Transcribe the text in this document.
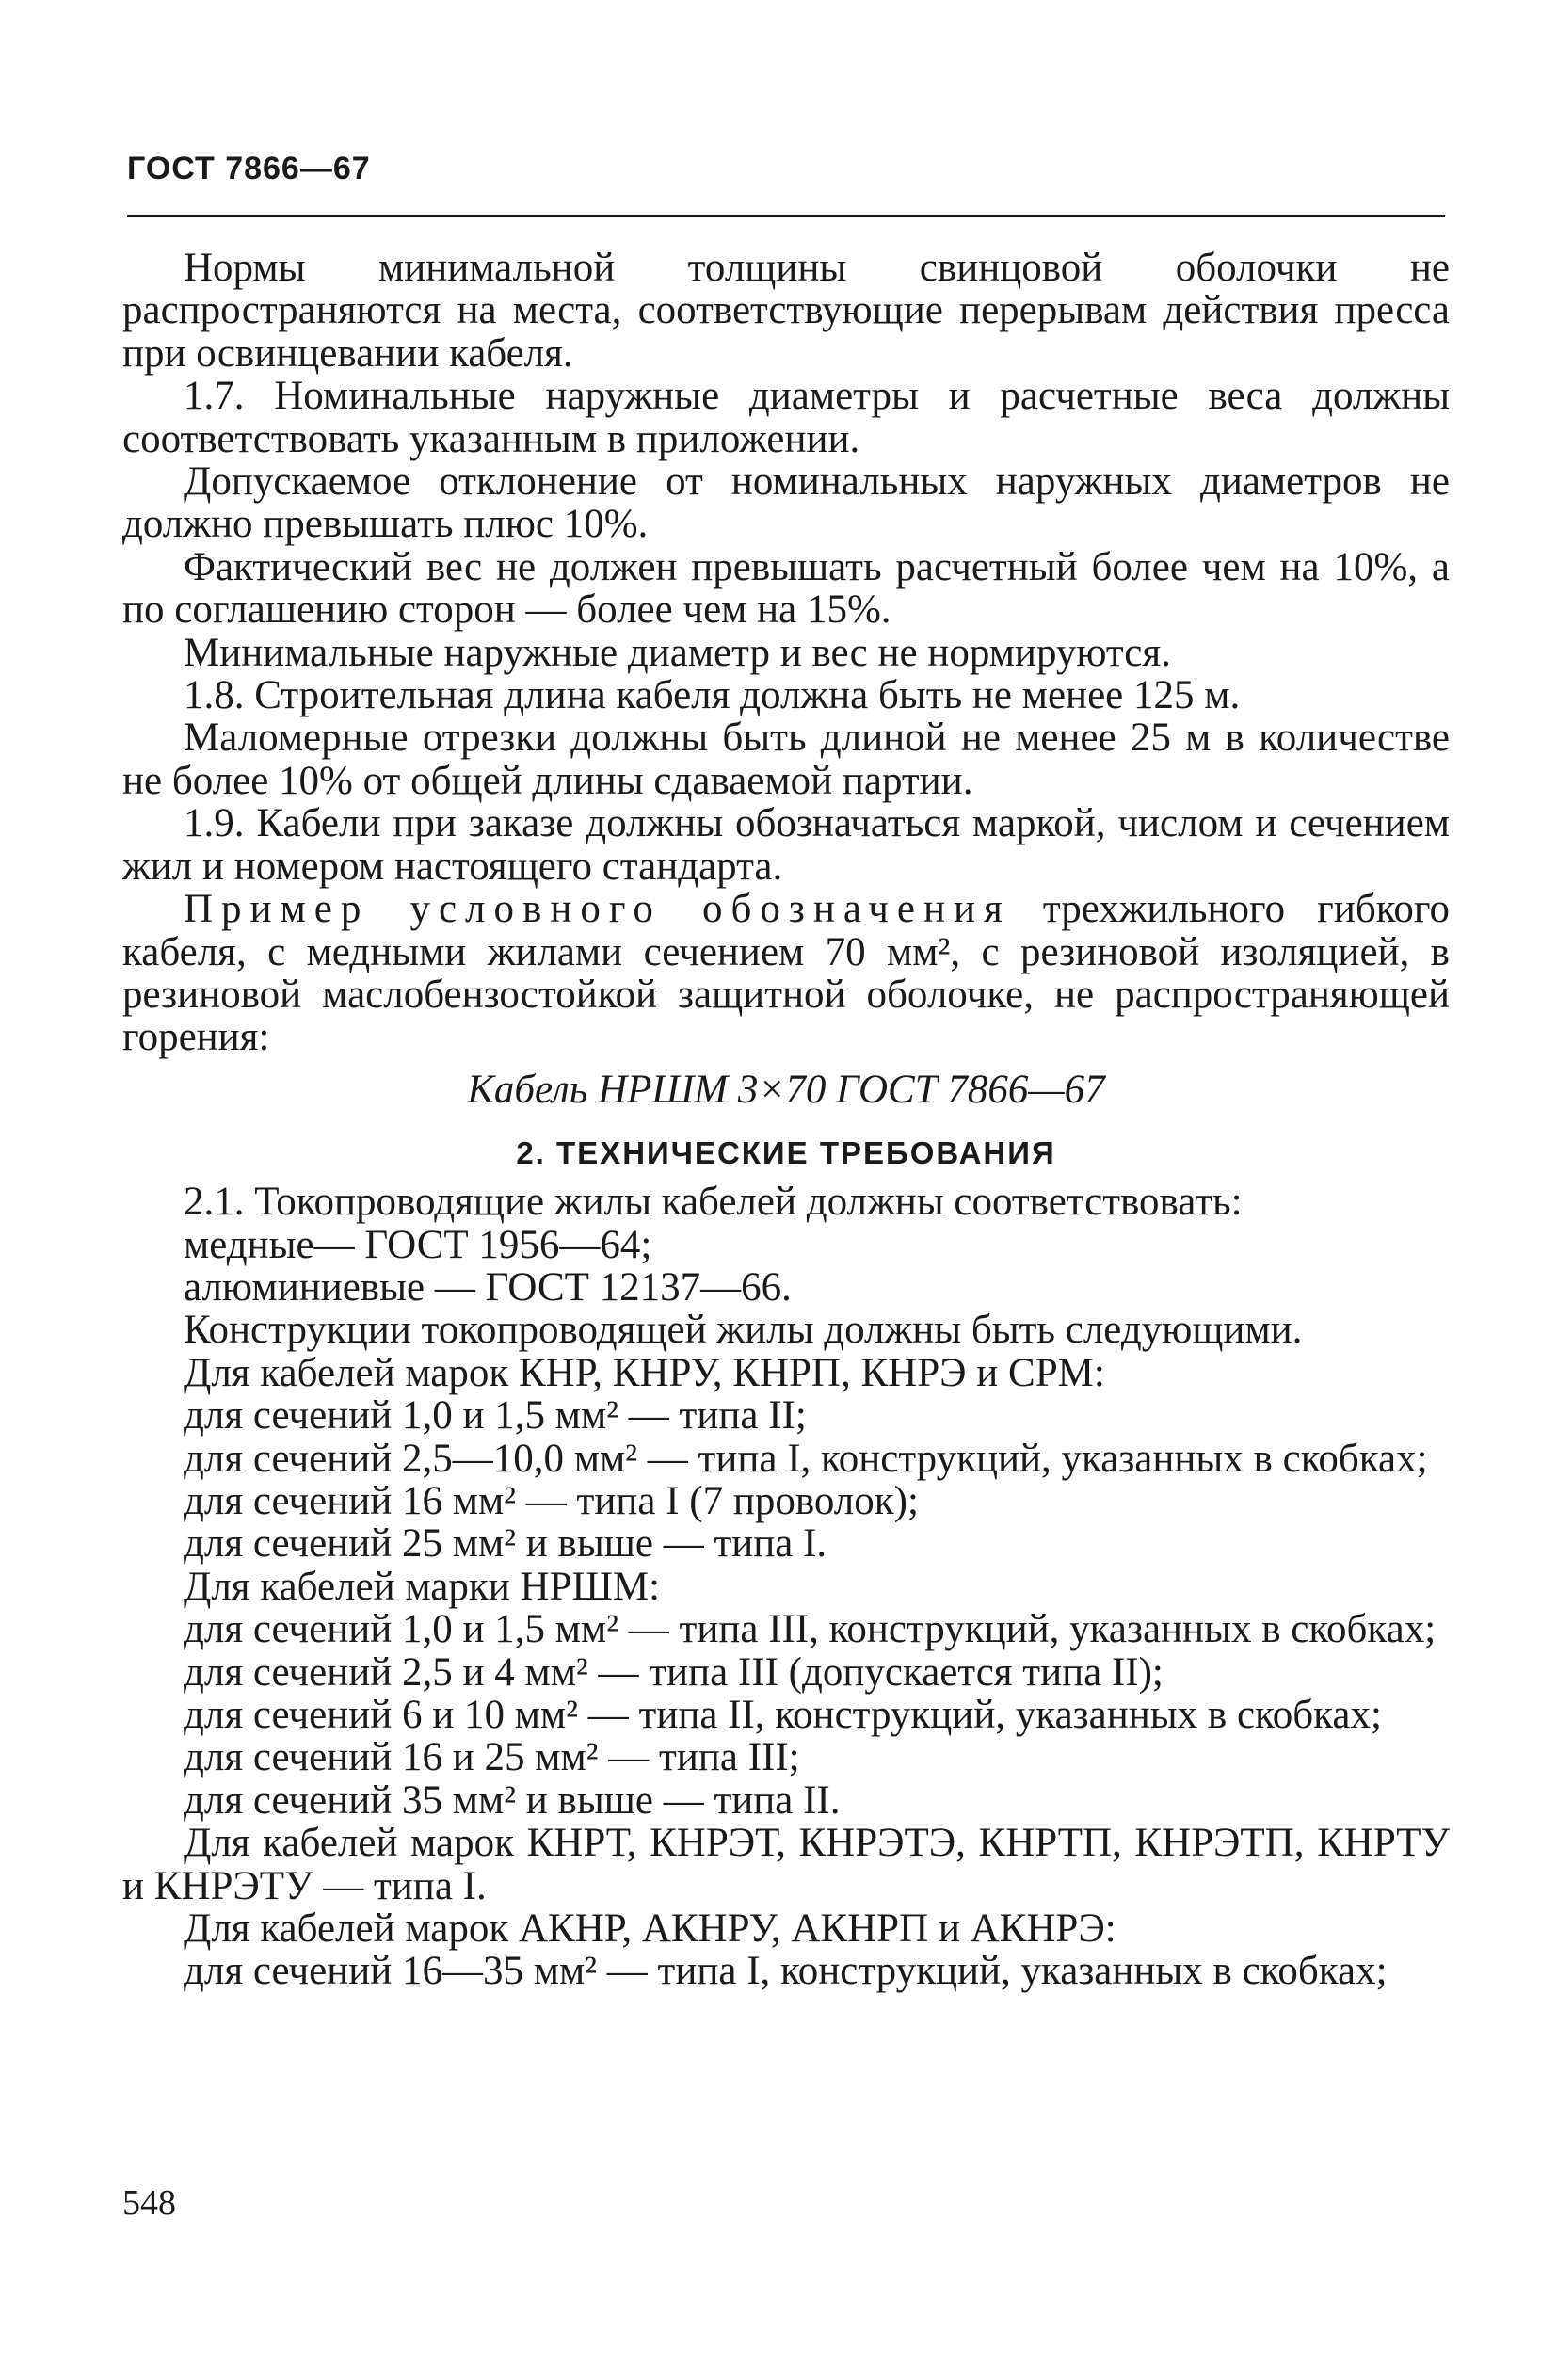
ГОСТ 7866—67

Нормы минимальной толщины свинцовой оболочки не распространяются на места, соответствующие перерывам действия пресса при освинцевании кабеля.

1.7. Номинальные наружные диаметры и расчетные веса должны соответствовать указанным в приложении.

Допускаемое отклонение от номинальных наружных диаметров не должно превышать плюс 10%.

Фактический вес не должен превышать расчетный более чем на 10%, а по соглашению сторон — более чем на 15%.

Минимальные наружные диаметр и вес не нормируются.

1.8. Строительная длина кабеля должна быть не менее 125 м.

Маломерные отрезки должны быть длиной не менее 25 м в количестве не более 10% от общей длины сдаваемой партии.

1.9. Кабели при заказе должны обозначаться маркой, числом и сечением жил и номером настоящего стандарта.

Пример условного обозначения трехжильного гибкого кабеля, с медными жилами сечением 70 мм², с резиновой изоляцией, в резиновой маслобензостойкой защитной оболочке, не распространяющей горения:

Кабель НРШМ 3×70 ГОСТ 7866—67

2. ТЕХНИЧЕСКИЕ ТРЕБОВАНИЯ

2.1. Токопроводящие жилы кабелей должны соответствовать:

медные— ГОСТ 1956—64;

алюминиевые — ГОСТ 12137—66.

Конструкции токопроводящей жилы должны быть следующими.

Для кабелей марок КНР, КНРУ, КНРП, КНРЭ и СРМ:

для сечений 1,0 и 1,5 мм² — типа II;

для сечений 2,5—10,0 мм² — типа I, конструкций, указанных в скобках;

для сечений 16 мм² — типа I (7 проволок);

для сечений 25 мм² и выше — типа I.

Для кабелей марки НРШМ:

для сечений 1,0 и 1,5 мм² — типа III, конструкций, указанных в скобках;

для сечений 2,5 и 4 мм² — типа III (допускается типа II);

для сечений 6 и 10 мм² — типа II, конструкций, указанных в скобках;

для сечений 16 и 25 мм² — типа III;

для сечений 35 мм² и выше — типа II.

Для кабелей марок КНРТ, КНРЭТ, КНРЭТЭ, КНРТП, КНРЭТП, КНРТУ и КНРЭТУ — типа I.

Для кабелей марок АКНР, АКНРУ, АКНРП и АКНРЭ:

для сечений 16—35 мм² — типа I, конструкций, указанных в скобках;

548
